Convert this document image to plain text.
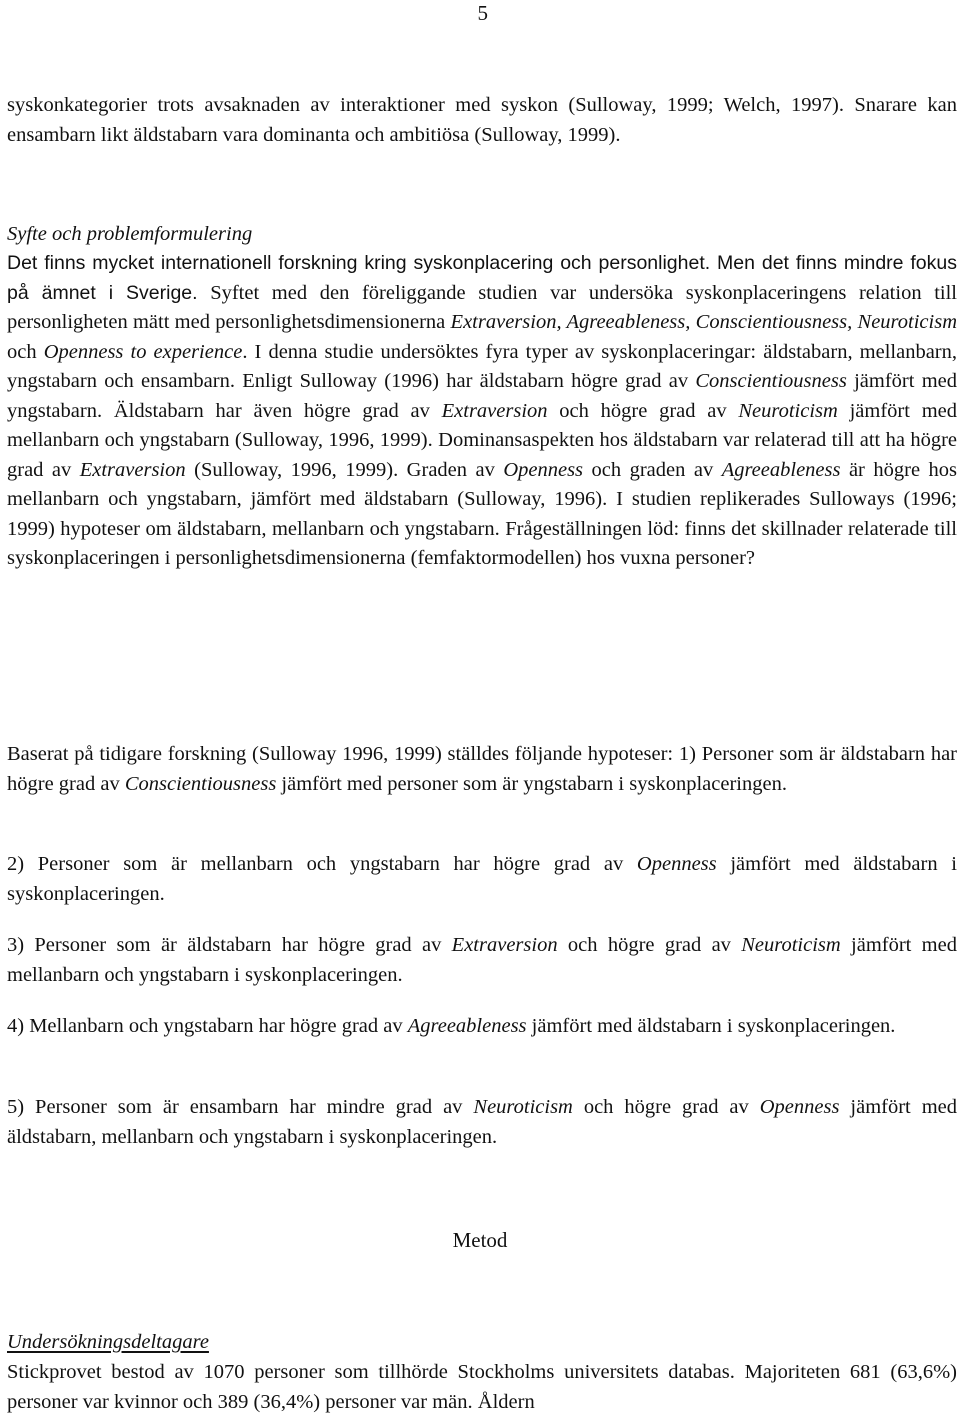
5

syskonkategorier trots avsaknaden av interaktioner med syskon (Sulloway, 1999; Welch, 1997). Snarare kan ensambarn likt äldstabarn vara dominanta och ambitiösa (Sulloway, 1999).

Syfte och problemformulering

Det finns mycket internationell forskning kring syskonplacering och personlighet. Men det finns mindre fokus på ämnet i Sverige. Syftet med den föreliggande studien var undersöka syskonplaceringens relation till personligheten mätt med personlighetsdimensionerna Extraversion, Agreeableness, Conscientiousness, Neuroticism och Openness to experience. I denna studie undersöktes fyra typer av syskonplaceringar: äldstabarn, mellanbarn, yngstabarn och ensambarn. Enligt Sulloway (1996) har äldstabarn högre grad av Conscientiousness jämfört med yngstabarn. Äldstabarn har även högre grad av Extraversion och högre grad av Neuroticism jämfört med mellanbarn och yngstabarn (Sulloway, 1996, 1999). Dominansaspekten hos äldstabarn var relaterad till att ha högre grad av Extraversion (Sulloway, 1996, 1999). Graden av Openness och graden av Agreeableness är högre hos mellanbarn och yngstabarn, jämfört med äldstabarn (Sulloway, 1996). I studien replikerades Sulloways (1996; 1999) hypoteser om äldstabarn, mellanbarn och yngstabarn. Frågeställningen löd: finns det skillnader relaterade till syskonplaceringen i personlighetsdimensionerna (femfaktormodellen) hos vuxna personer?

Baserat på tidigare forskning (Sulloway 1996, 1999) ställdes följande hypoteser: 1) Personer som är äldstabarn har högre grad av Conscientiousness jämfört med personer som är yngstabarn i syskonplaceringen.

2) Personer som är mellanbarn och yngstabarn har högre grad av Openness jämfört med äldstabarn i syskonplaceringen.

3) Personer som är äldstabarn har högre grad av Extraversion och högre grad av Neuroticism jämfört med mellanbarn och yngstabarn i syskonplaceringen.

4) Mellanbarn och yngstabarn har högre grad av Agreeableness jämfört med äldstabarn i syskonplaceringen.

5) Personer som är ensambarn har mindre grad av Neuroticism och högre grad av Openness jämfört med äldstabarn, mellanbarn och yngstabarn i syskonplaceringen.

Metod

Undersökningsdeltagare

Stickprovet bestod av 1070 personer som tillhörde Stockholms universitets databas. Majoriteten 681 (63,6%) personer var kvinnor och 389 (36,4%) personer var män. Åldern
